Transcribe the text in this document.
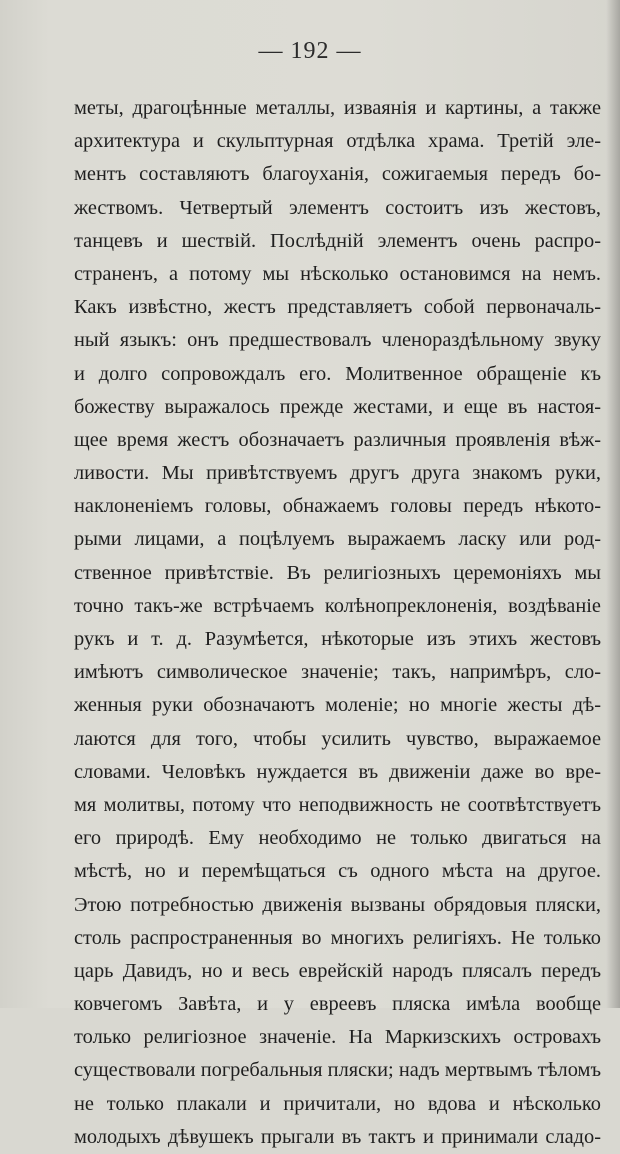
— 192 —
меты, драгоцѣнные металлы, изваянія и картины, а также
архитектура и скульптурная отдѣлка храма. Третій эле-
ментъ составляютъ благоуханія, сожигаемыя передъ бо-
жествомъ. Четвертый элементъ состоитъ изъ жестовъ,
танцевъ и шествій. Послѣдній элементъ очень распро-
страненъ, а потому мы нѣсколько остановимся на немъ.
Какъ извѣстно, жестъ представляетъ собой первоначаль-
ный языкъ: онъ предшествовалъ членораздѣльному звуку
и долго сопровождалъ его. Молитвенное обращеніе къ
божеству выражалось прежде жестами, и еще въ настоя-
щее время жестъ обозначаетъ различныя проявленія вѣж-
ливости. Мы привѣтствуемъ другъ друга знакомъ руки,
наклоненіемъ головы, обнажаемъ головы передъ нѣкото-
рыми лицами, а поцѣлуемъ выражаемъ ласку или род-
ственное привѣтствіе. Въ религіозныхъ церемоніяхъ мы
точно такъ-же встрѣчаемъ колѣнопреклоненія, воздѣваніе
рукъ и т. д. Разумѣется, нѣкоторые изъ этихъ жестовъ
имѣютъ символическое значеніе; такъ, напримѣръ, сло-
женныя руки обозначаютъ моленіе; но многіе жесты дѣ-
лаются для того, чтобы усилить чувство, выражаемое
словами. Человѣкъ нуждается въ движеніи даже во вре-
мя молитвы, потому что неподвижность не соотвѣтствуетъ
его природѣ. Ему необходимо не только двигаться на
мѣстѣ, но и перемѣщаться съ одного мѣста на другое.
Этою потребностью движенія вызваны обрядовыя пляски,
столь распространенныя во многихъ религіяхъ. Не только
царь Давидъ, но и весь еврейскій народъ плясалъ передъ
ковчегомъ Завѣта, и у евреевъ пляска имѣла вообще
только религіозное значеніе. На Маркизскихъ островахъ
существовали погребальныя пляски; надъ мертвымъ тѣломъ
не только плакали и причитали, но вдова и нѣсколько
молодыхъ дѣвушекъ прыгали въ тактъ и принимали сладо-
